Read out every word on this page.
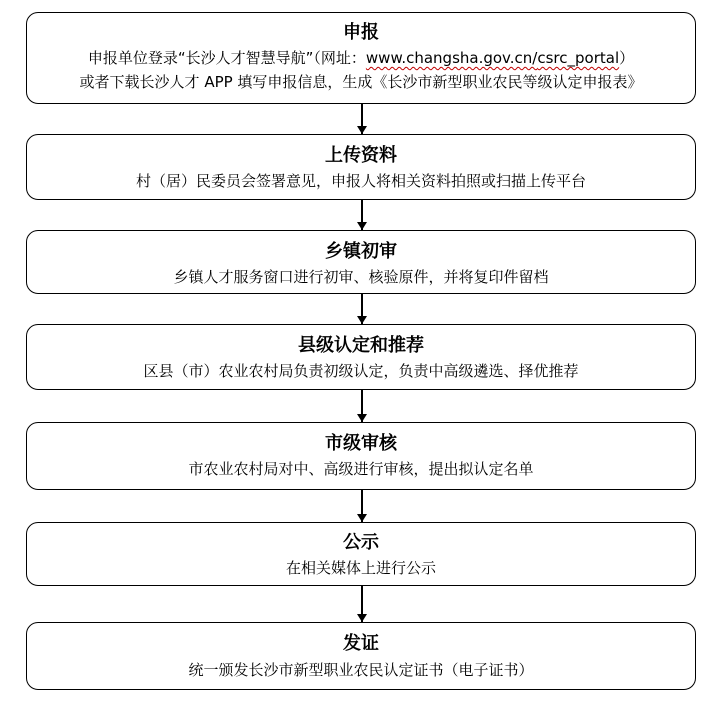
申报
申报单位登录“长沙人才智慧导航”（网址：www.changsha.gov.cn/csrc_portal）
或者下载长沙人才 APP 填写申报信息，生成《长沙市新型职业农民等级认定申报表》
上传资料
村（居）民委员会签署意见，申报人将相关资料拍照或扫描上传平台
乡镇初审
乡镇人才服务窗口进行初审、核验原件，并将复印件留档
县级认定和推荐
区县（市）农业农村局负责初级认定，负责中高级遴选、择优推荐
市级审核
市农业农村局对中、高级进行审核，提出拟认定名单
公示
在相关媒体上进行公示
发证
统一颁发长沙市新型职业农民认定证书（电子证书）
